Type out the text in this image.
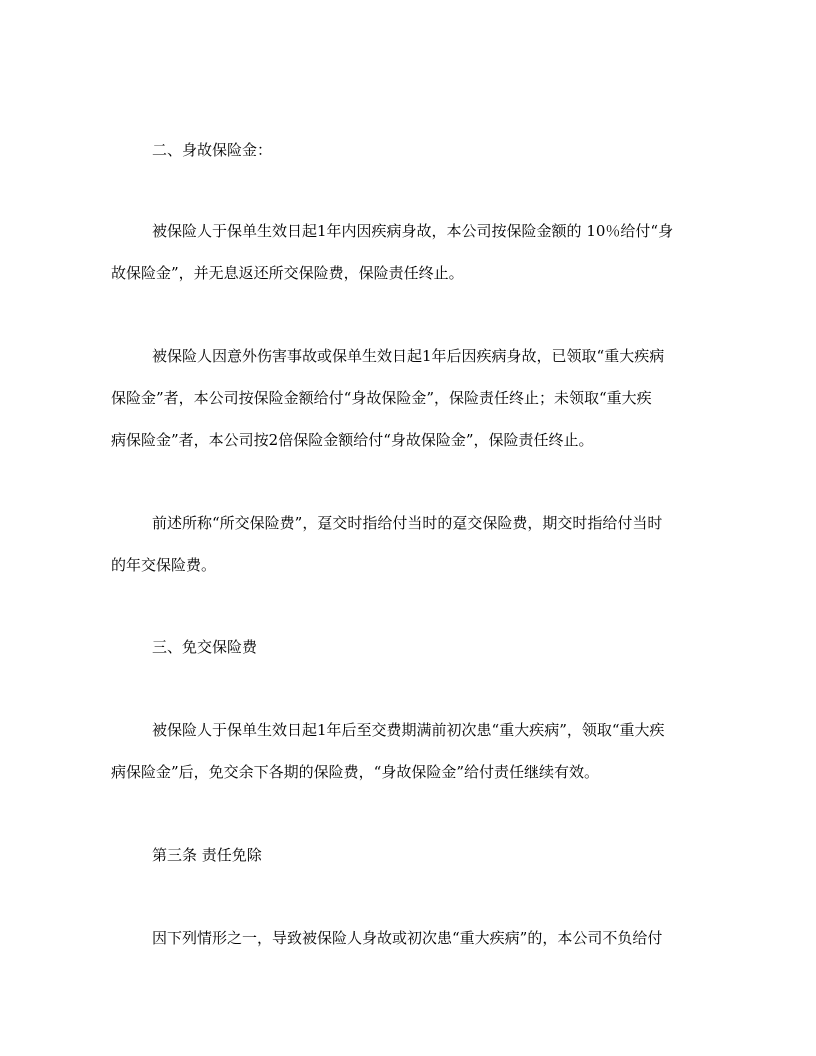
二、身故保险金：
被保险人于保单生效日起1年内因疾病身故，本公司按保险金额的 10％给付“身
故保险金”，并无息返还所交保险费，保险责任终止。
被保险人因意外伤害事故或保单生效日起1年后因疾病身故，已领取“重大疾病
保险金”者，本公司按保险金额给付“身故保险金”，保险责任终止；未领取“重大疾
病保险金”者，本公司按2倍保险金额给付“身故保险金”，保险责任终止。
前述所称“所交保险费”，趸交时指给付当时的趸交保险费，期交时指给付当时
的年交保险费。
三、免交保险费
被保险人于保单生效日起1年后至交费期满前初次患“重大疾病”，领取“重大疾
病保险金”后，免交余下各期的保险费，“身故保险金”给付责任继续有效。
第三条 责任免除
因下列情形之一，导致被保险人身故或初次患“重大疾病”的，本公司不负给付
